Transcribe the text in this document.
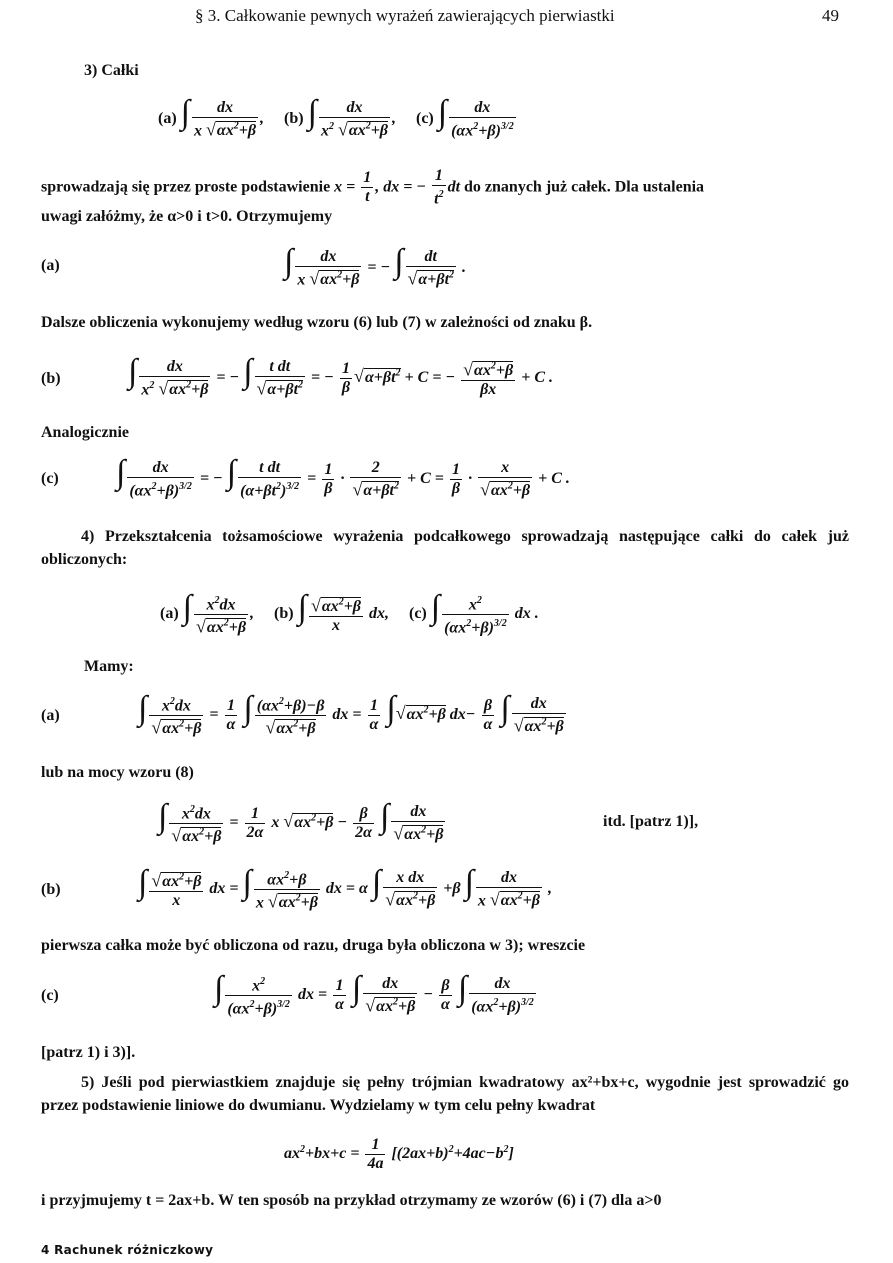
§ 3. Całkowanie pewnych wyrażeń zawierających pierwiastki	49
3) Całki
(a) ∫ $\frac{dx}{x √\alpha x^2+\beta}$ ,     (b) ∫ $\frac{dx}{x^2 √\alpha x^2+\beta}$ ,     (c) ∫ $\frac{dx}{(\alpha x^2+\beta)^{3/2}}$
sprowadzają się przez proste podstawienie $x = \frac{1}{t}$ , dx = − $\frac{1}{t^2}$ dt do znanych już całek. Dla ustalenia
uwagi załóżmy, że α>0 i t>0. Otrzymujemy
(a)	∫ $\frac{dx}{x √\alpha x^2+\beta}$ = − ∫ $\frac{dt}{√\alpha+\beta t^2}$ .
Dalsze obliczenia wykonujemy według wzoru (6) lub (7) w zależności od znaku β.
(b) ∫ $\frac{dx}{x^2 √\alpha x^2+\beta}$ = − ∫ $\frac{\text{t dt}}{√\alpha+\beta t^2}$ = − $\frac{1}{\beta} √\alpha+\beta t^2 + C$ = − $\frac{√\alpha x^2+\beta}{\beta x} + C$ .
Analogicznie
(c) ∫ $\frac{dx}{(\alpha x^2+\beta)^{3/2}}$ = − ∫ $\frac{\text{t dt}}{(\alpha+\beta t^2)^{3/2}} = \frac{1}{\beta} \cdot \frac{2}{√\alpha+\beta t^2} + C = \frac{1}{\beta} \cdot \frac{x}{√\alpha x^2+\beta} + C$ .
4) Przekształcenia tożsamościowe wyrażenia podcałkowego sprowadzają następujące całki do całek już obliczonych:
(a) ∫ $\frac{x^2dx}{√\alpha x^2+\beta}$ ,     (b) ∫ $\frac{√\alpha x^2+\beta}{x}$ dx,     (c) ∫ $\frac{x^2}{(\alpha x^2+\beta)^{3/2}}$ dx .
Mamy:
(a) ∫ $\frac{x^2dx}{√\alpha x^2+\beta} = \frac{1}{\alpha}$ ∫ $\frac{(\alpha x^2+\beta)-\beta}{√\alpha x^2+\beta}$ dx = $\frac{1}{\alpha} \int√\alpha x^2+\beta$ $dx- \frac{\beta}{\alpha}$ ∫ $\frac{dx}{√\alpha x^2+\beta}$
lub na mocy wzoru (8)
∫ $\frac{x^2dx}{√\alpha x^2+\beta} = \frac{1}{2\alpha}$ x $√\alpha x^2+\beta - \frac{\beta}{2\alpha}$ ∫ $\frac{dx}{√\alpha x^2+\beta}$	itd. [patrz 1)],
(b) ∫ $\frac{√\alpha x^2+\beta}{x}$ dx = ∫ $\frac{\alpha x^2+\beta}{x √\alpha x^2+\beta}$ dx = α ∫ $\frac{\text{x dx}}{√\alpha x^2+\beta} +\beta$ ∫ $\frac{dx}{x √\alpha x^2+\beta}$ ,
pierwsza całka może być obliczona od razu, druga była obliczona w 3); wreszcie
(c)	∫ $\frac{x^2}{(\alpha x^2+\beta)^{3/2}}$ dx = $\frac{1}{\alpha}$ ∫ $\frac{dx}{√\alpha x^2+\beta} - \frac{\beta}{\alpha}$ ∫ $\frac{dx}{(\alpha x^2+\beta)^{3/2}}$
[patrz 1) i 3)].
5) Jeśli pod pierwiastkiem znajduje się pełny trójmian kwadratowy ax²+bx+c, wygodnie jest sprowadzić go przez podstawienie liniowe do dwumianu. Wydzielamy w tym celu pełny kwadrat
$ax^2+bx+c = \frac{1}{4a} [(2ax+b)^2+4ac-b^2]$
i przyjmujemy t = 2ax+b. W ten sposób na przykład otrzymamy ze wzorów (6) i (7) dla a>0
4 Rachunek różniczkowy
